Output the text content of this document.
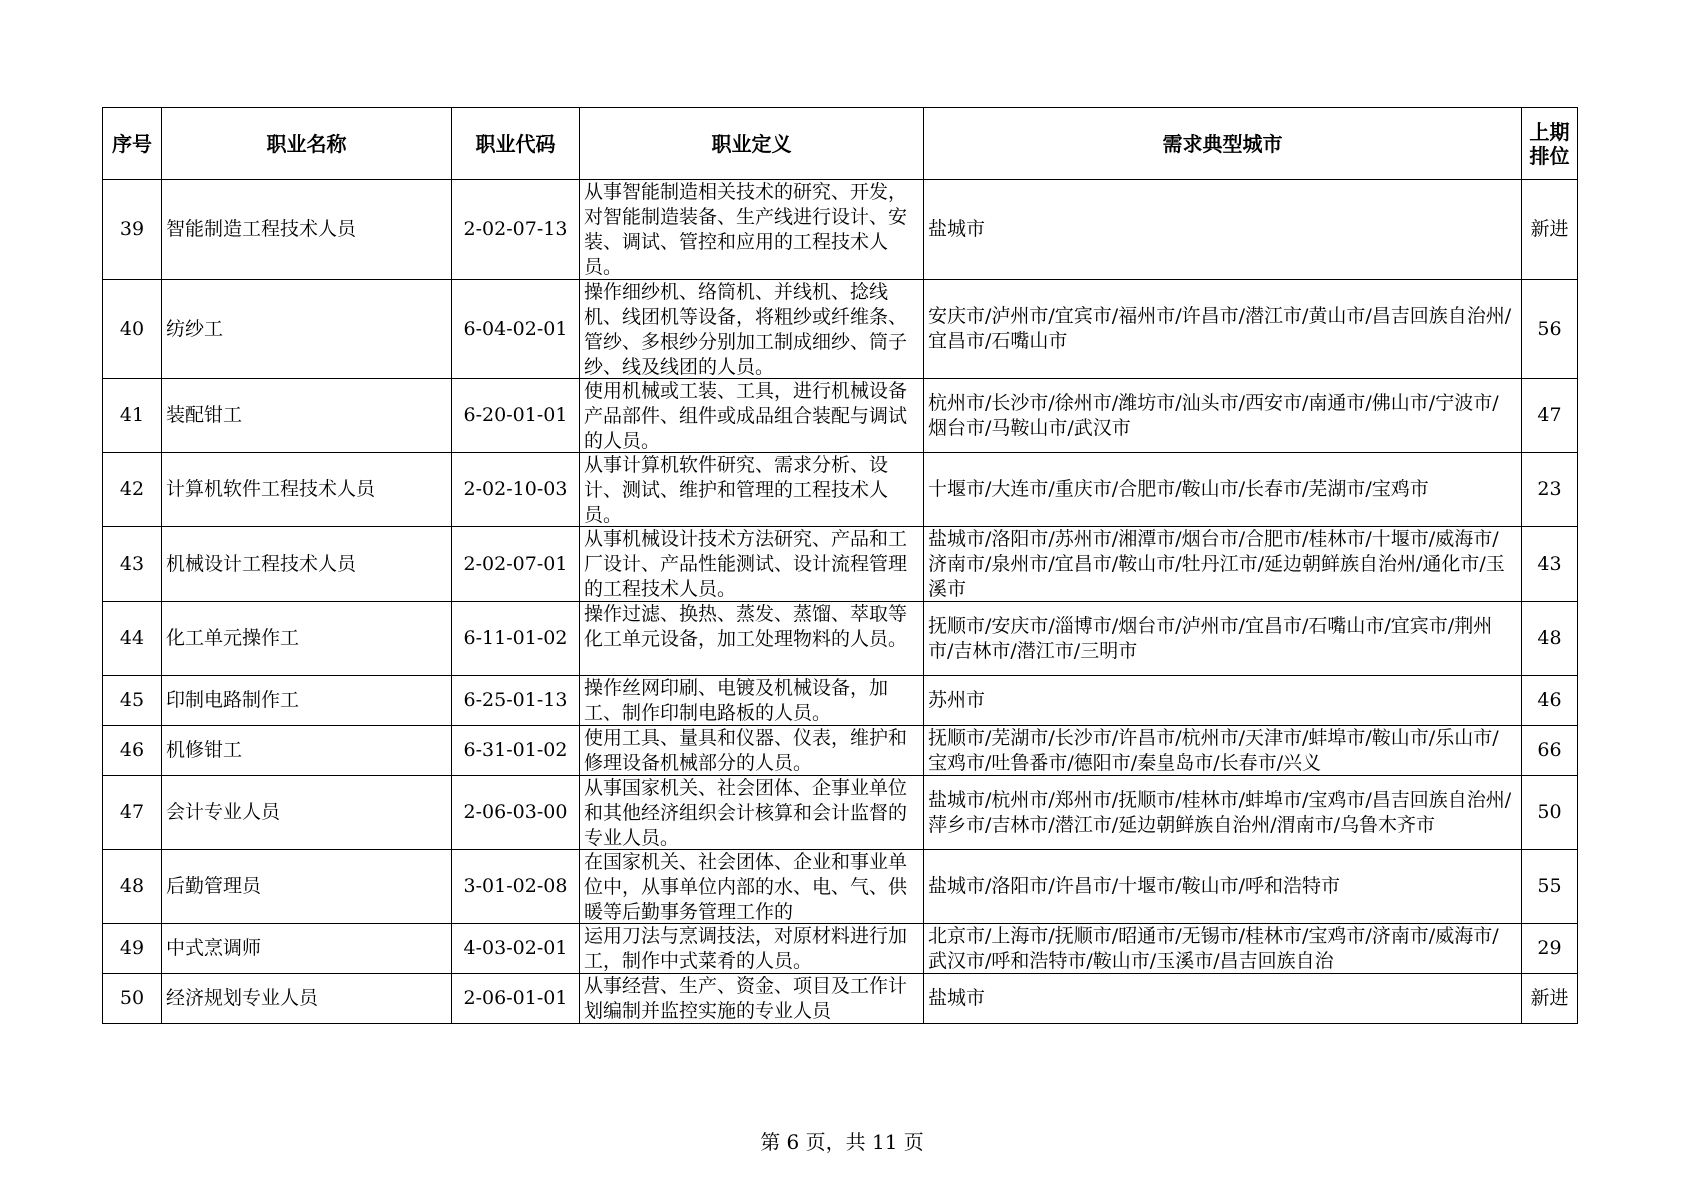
序号	职业名称	职业代码	职业定义	需求典型城市	上期
排位
39	智能制造工程技术人员	2-02-07-13	从事智能制造相关技术的研究、开发，对智能制造装备、生产线进行设计、安装、调试、管控和应用的工程技术人员。	盐城市	新进
40	纺纱工	6-04-02-01	操作细纱机、络筒机、并线机、捻线机、线团机等设备，将粗纱或纤维条、管纱、多根纱分别加工制成细纱、筒子纱、线及线团的人员。	安庆市/泸州市/宜宾市/福州市/许昌市/潜江市/黄山市/昌吉回族自治州/宜昌市/石嘴山市	56
41	装配钳工	6-20-01-01	使用机械或工装、工具，进行机械设备产品部件、组件或成品组合装配与调试的人员。	杭州市/长沙市/徐州市/潍坊市/汕头市/西安市/南通市/佛山市/宁波市/烟台市/马鞍山市/武汉市	47
42	计算机软件工程技术人员	2-02-10-03	从事计算机软件研究、需求分析、设计、测试、维护和管理的工程技术人员。	十堰市/大连市/重庆市/合肥市/鞍山市/长春市/芜湖市/宝鸡市	23
43	机械设计工程技术人员	2-02-07-01	从事机械设计技术方法研究、产品和工厂设计、产品性能测试、设计流程管理的工程技术人员。	盐城市/洛阳市/苏州市/湘潭市/烟台市/合肥市/桂林市/十堰市/威海市/济南市/泉州市/宜昌市/鞍山市/牡丹江市/延边朝鲜族自治州/通化市/玉溪市	43
44	化工单元操作工	6-11-01-02	操作过滤、换热、蒸发、蒸馏、萃取等化工单元设备，加工处理物料的人员。	抚顺市/安庆市/淄博市/烟台市/泸州市/宜昌市/石嘴山市/宜宾市/荆州市/吉林市/潜江市/三明市	48
45	印制电路制作工	6-25-01-13	操作丝网印刷、电镀及机械设备，加工、制作印制电路板的人员。	苏州市	46
46	机修钳工	6-31-01-02	使用工具、量具和仪器、仪表，维护和修理设备机械部分的人员。	抚顺市/芜湖市/长沙市/许昌市/杭州市/天津市/蚌埠市/鞍山市/乐山市/宝鸡市/吐鲁番市/德阳市/秦皇岛市/长春市/兴义	66
47	会计专业人员	2-06-03-00	从事国家机关、社会团体、企事业单位和其他经济组织会计核算和会计监督的专业人员。	盐城市/杭州市/郑州市/抚顺市/桂林市/蚌埠市/宝鸡市/昌吉回族自治州/萍乡市/吉林市/潜江市/延边朝鲜族自治州/渭南市/乌鲁木齐市	50
48	后勤管理员	3-01-02-08	在国家机关、社会团体、企业和事业单位中，从事单位内部的水、电、气、供暖等后勤事务管理工作的	盐城市/洛阳市/许昌市/十堰市/鞍山市/呼和浩特市	55
49	中式烹调师	4-03-02-01	运用刀法与烹调技法，对原材料进行加工，制作中式菜肴的人员。	北京市/上海市/抚顺市/昭通市/无锡市/桂林市/宝鸡市/济南市/威海市/武汉市/呼和浩特市/鞍山市/玉溪市/昌吉回族自治	29
50	经济规划专业人员	2-06-01-01	从事经营、生产、资金、项目及工作计划编制并监控实施的专业人员	盐城市	新进
第 6 页，共 11 页
